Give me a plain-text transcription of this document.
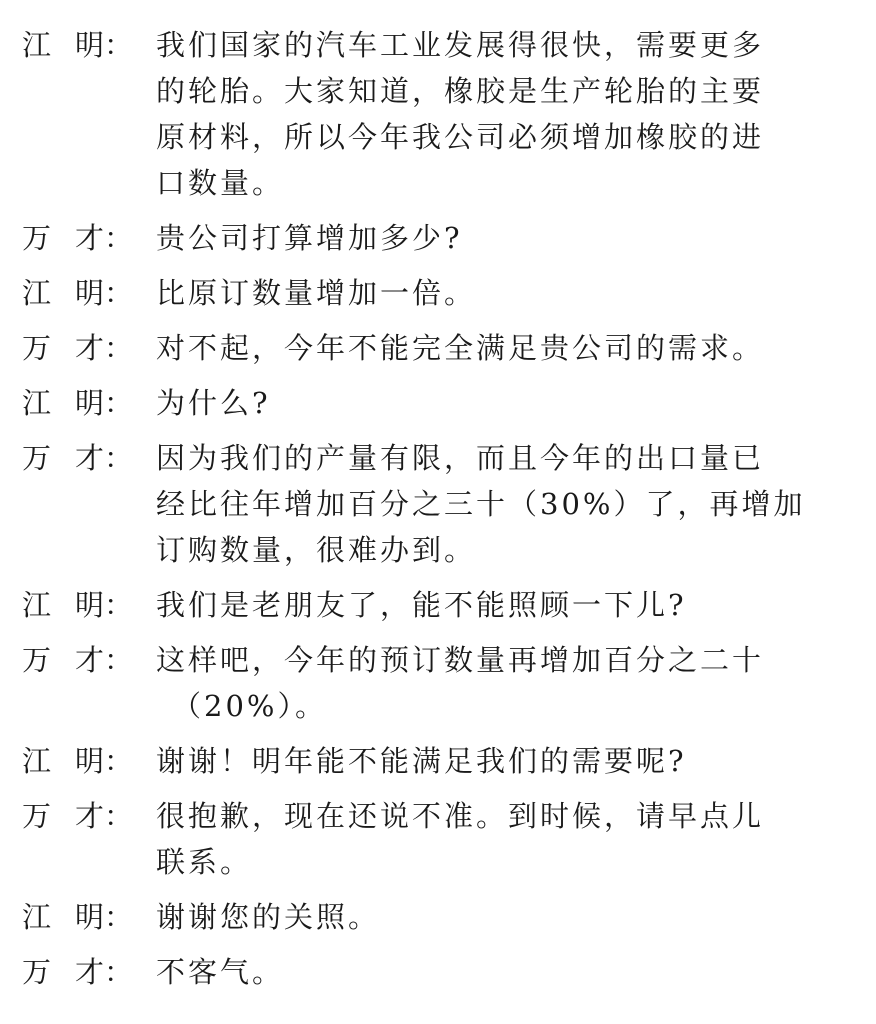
江 明 ： 我们国家的汽车工业发展得很快，需要更多

的轮胎。大家知道，橡胶是生产轮胎的主要

原材料，所以今年我公司必须增加橡胶的进

口数量。

万 才 ： 贵公司打算增加多少?

江 明 ： 比原订数量增加一倍。

万 才 ： 对不起，今年不能完全满足贵公司的需求。

江 明 ： 为什么?

万 才 ： 因为我们的产量有限，而且今年的出口量已

经比往年增加百分之三十（30%）了，再增加

订购数量，很难办到。

江 明 ： 我们是老朋友了，能不能照顾一下儿?

万 才 ： 这样吧，今年的预订数量再增加百分之二十

（20%）。

江 明 ： 谢谢！明年能不能满足我们的需要呢?

万 才 ： 很抱歉，现在还说不准。到时候，请早点儿

联系。

江 明 ： 谢谢您的关照。

万 才 ： 不客气。
